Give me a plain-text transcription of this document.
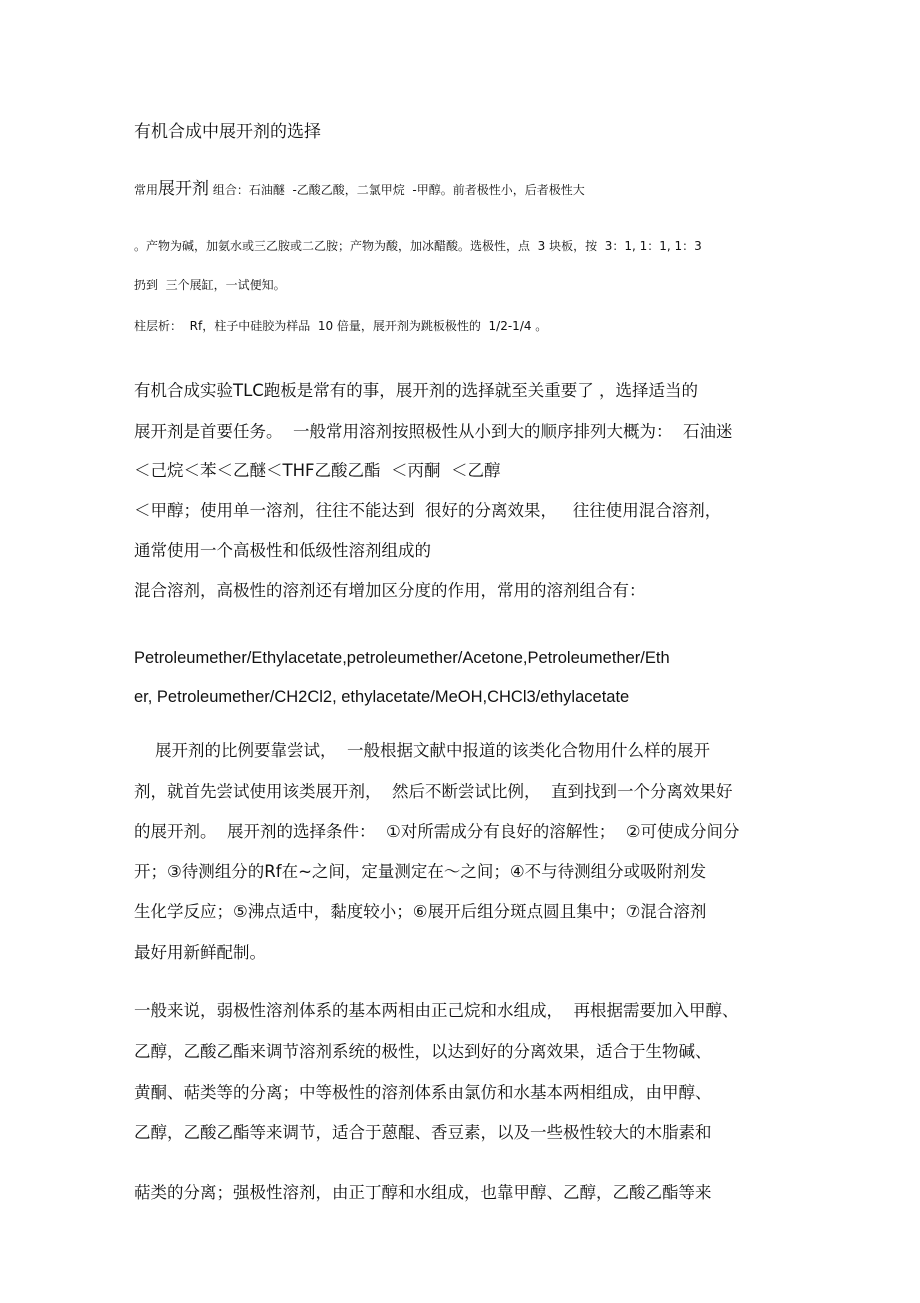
有机合成中展开剂的选择
常用展开剂 组合：石油醚  -乙酸乙酸，二氯甲烷  -甲醇。前者极性小，后者极性大
。产物为碱，加氨水或三乙胺或二乙胺；产物为酸，加冰醋酸。选极性，点  3 块板，按  3：1, 1：1, 1：3
扔到  三个展缸，一试便知。
柱层析：  Rf，柱子中硅胶为样品  10 倍量，展开剂为跳板极性的  1/2-1/4 。
有机合成实验TLC跑板是常有的事，展开剂的选择就至关重要了 ，选择适当的
展开剂是首要任务。  一般常用溶剂按照极性从小到大的顺序排列大概为：  石油迷
＜己烷＜苯＜乙醚＜THF乙酸乙酯  ＜丙酮  ＜乙醇
＜甲醇；使用单一溶剂，往往不能达到  很好的分离效果，   往往使用混合溶剂，
通常使用一个高极性和低级性溶剂组成的
混合溶剂，高极性的溶剂还有增加区分度的作用，常用的溶剂组合有：
Petroleumether/Ethylacetate,petroleumether/Acetone,Petroleumether/Eth
er, Petroleumether/CH2Cl2, ethylacetate/MeOH,CHCl3/ethylacetate
展开剂的比例要靠尝试，  一般根据文献中报道的该类化合物用什么样的展开
剂，就首先尝试使用该类展开剂，  然后不断尝试比例，  直到找到一个分离效果好
的展开剂。  展开剂的选择条件：  ①对所需成分有良好的溶解性；  ②可使成分间分
开；③待测组分的Rf在~之间，定量测定在～之间；④不与待测组分或吸附剂发
生化学反应；⑤沸点适中，黏度较小；⑥展开后组分斑点圆且集中；⑦混合溶剂
最好用新鲜配制。
一般来说，弱极性溶剂体系的基本两相由正己烷和水组成，  再根据需要加入甲醇、
乙醇，乙酸乙酯来调节溶剂系统的极性，以达到好的分离效果，适合于生物碱、
黄酮、萜类等的分离；中等极性的溶剂体系由氯仿和水基本两相组成，由甲醇、
乙醇，乙酸乙酯等来调节，适合于蒽醌、香豆素，以及一些极性较大的木脂素和
萜类的分离；强极性溶剂，由正丁醇和水组成，也靠甲醇、乙醇，乙酸乙酯等来
